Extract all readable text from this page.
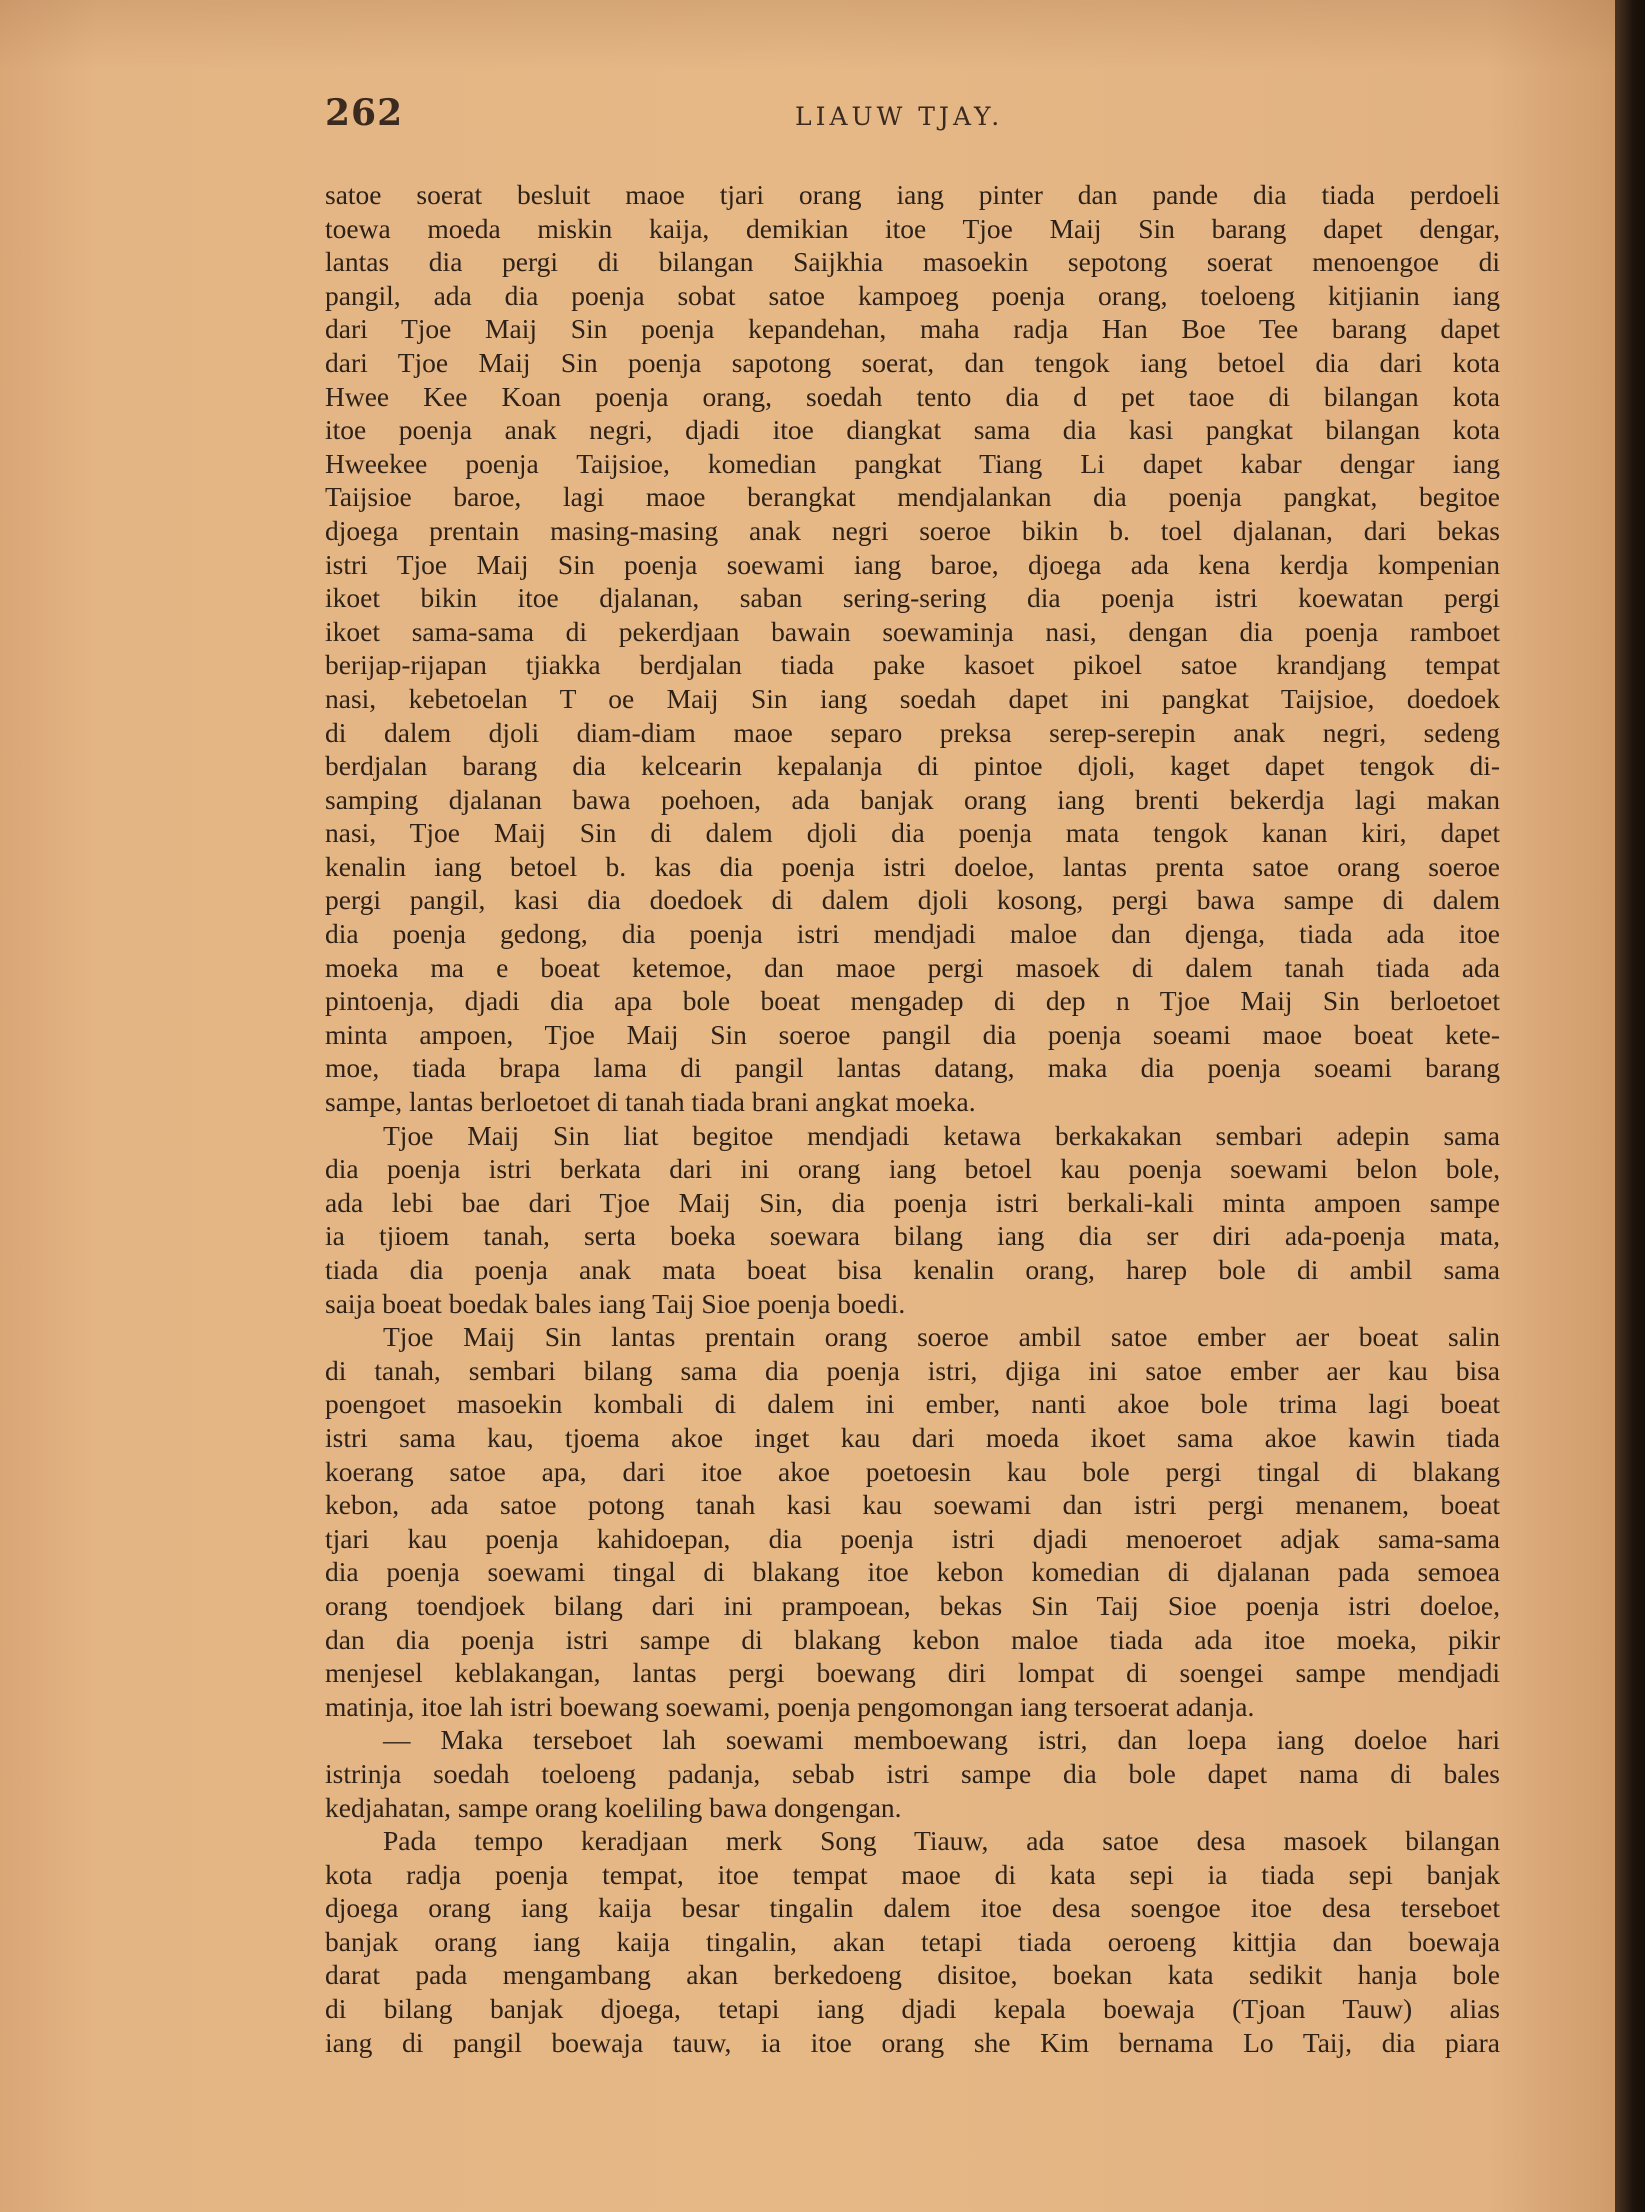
262	LIAUW TJAY.
satoe soerat besluit maoe tjari orang iang pinter dan pande dia tiada perdoeli
toewa moeda miskin kaija, demikian itoe Tjoe Maij Sin barang dapet dengar,
lantas dia pergi di bilangan Saijkhia masoekin sepotong soerat menoengoe di
pangil, ada dia poenja sobat satoe kampoeg poenja orang, toeloeng kitjianin iang
dari Tjoe Maij Sin poenja kepandehan, maha radja Han Boe Tee barang dapet
dari Tjoe Maij Sin poenja sapotong soerat, dan tengok iang betoel dia dari kota
Hwee Kee Koan poenja orang, soedah tento dia d pet taoe di bilangan kota
itoe poenja anak negri, djadi itoe diangkat sama dia kasi pangkat bilangan kota
Hweekee poenja Taijsioe, komedian pangkat Tiang Li dapet kabar dengar iang
Taijsioe baroe, lagi maoe berangkat mendjalankan dia poenja pangkat, begitoe
djoega prentain masing-masing anak negri soeroe bikin b. toel djalanan, dari bekas
istri Tjoe Maij Sin poenja soewami iang baroe, djoega ada kena kerdja kompenian
ikoet bikin itoe djalanan, saban sering-sering dia poenja istri koewatan pergi
ikoet sama-sama di pekerdjaan bawain soewaminja nasi, dengan dia poenja ramboet
berijap-rijapan tjiakka berdjalan tiada pake kasoet pikoel satoe krandjang tempat
nasi, kebetoelan T oe Maij Sin iang soedah dapet ini pangkat Taijsioe, doedoek
di dalem djoli diam-diam maoe separo preksa serep-serepin anak negri, sedeng
berdjalan barang dia kelcearin kepalanja di pintoe djoli, kaget dapet tengok di-
samping djalanan bawa poehoen, ada banjak orang iang brenti bekerdja lagi makan
nasi, Tjoe Maij Sin di dalem djoli dia poenja mata tengok kanan kiri, dapet
kenalin iang betoel b. kas dia poenja istri doeloe, lantas prenta satoe orang soeroe
pergi pangil, kasi dia doedoek di dalem djoli kosong, pergi bawa sampe di dalem
dia poenja gedong, dia poenja istri mendjadi maloe dan djenga, tiada ada itoe
moeka ma e boeat ketemoe, dan maoe pergi masoek di dalem tanah tiada ada
pintoenja, djadi dia apa bole boeat mengadep di dep n Tjoe Maij Sin berloetoet
minta ampoen, Tjoe Maij Sin soeroe pangil dia poenja soeami maoe boeat kete-
moe, tiada brapa lama di pangil lantas datang, maka dia poenja soeami barang
sampe, lantas berloetoet di tanah tiada brani angkat moeka.
Tjoe Maij Sin liat begitoe mendjadi ketawa berkakakan sembari adepin sama
dia poenja istri berkata dari ini orang iang betoel kau poenja soewami belon bole,
ada lebi bae dari Tjoe Maij Sin, dia poenja istri berkali-kali minta ampoen sampe
ia tjioem tanah, serta boeka soewara bilang iang dia ser diri ada-poenja mata,
tiada dia poenja anak mata boeat bisa kenalin orang, harep bole di ambil sama
saija boeat boedak bales iang Taij Sioe poenja boedi.
Tjoe Maij Sin lantas prentain orang soeroe ambil satoe ember aer boeat salin
di tanah, sembari bilang sama dia poenja istri, djiga ini satoe ember aer kau bisa
poengoet masoekin kombali di dalem ini ember, nanti akoe bole trima lagi boeat
istri sama kau, tjoema akoe inget kau dari moeda ikoet sama akoe kawin tiada
koerang satoe apa, dari itoe akoe poetoesin kau bole pergi tingal di blakang
kebon, ada satoe potong tanah kasi kau soewami dan istri pergi menanem, boeat
tjari kau poenja kahidoepan, dia poenja istri djadi menoeroet adjak sama-sama
dia poenja soewami tingal di blakang itoe kebon komedian di djalanan pada semoea
orang toendjoek bilang dari ini prampoean, bekas Sin Taij Sioe poenja istri doeloe,
dan dia poenja istri sampe di blakang kebon maloe tiada ada itoe moeka, pikir
menjesel keblakangan, lantas pergi boewang diri lompat di soengei sampe mendjadi
matinja, itoe lah istri boewang soewami, poenja pengomongan iang tersoerat adanja.
— Maka terseboet lah soewami memboewang istri, dan loepa iang doeloe hari
istrinja soedah toeloeng padanja, sebab istri sampe dia bole dapet nama di bales
kedjahatan, sampe orang koeliling bawa dongengan.
Pada tempo keradjaan merk Song Tiauw, ada satoe desa masoek bilangan
kota radja poenja tempat, itoe tempat maoe di kata sepi ia tiada sepi banjak
djoega orang iang kaija besar tingalin dalem itoe desa soengoe itoe desa terseboet
banjak orang iang kaija tingalin, akan tetapi tiada oeroeng kittjia dan boewaja
darat pada mengambang akan berkedoeng disitoe, boekan kata sedikit hanja bole
di bilang banjak djoega, tetapi iang djadi kepala boewaja (Tjoan Tauw) alias
iang di pangil boewaja tauw, ia itoe orang she Kim bernama Lo Taij, dia piara
